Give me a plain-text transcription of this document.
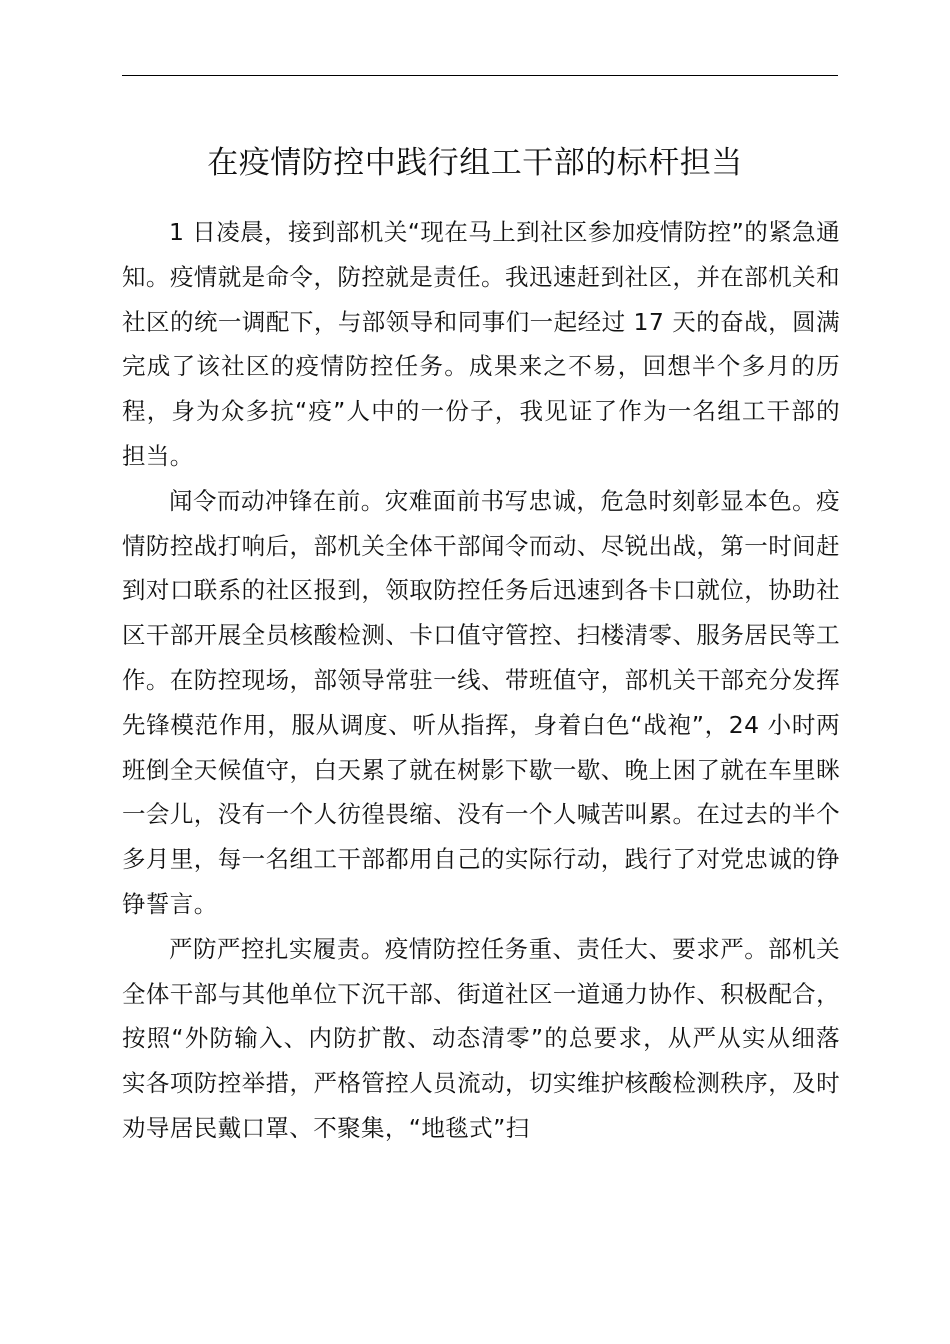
在疫情防控中践行组工干部的标杆担当

1 日凌晨，接到部机关“现在马上到社区参加疫情防控”的紧急通知。疫情就是命令，防控就是责任。我迅速赶到社区，并在部机关和社区的统一调配下，与部领导和同事们一起经过 17 天的奋战，圆满完成了该社区的疫情防控任务。成果来之不易，回想半个多月的历程，身为众多抗“疫”人中的一份子，我见证了作为一名组工干部的担当。

闻令而动冲锋在前。灾难面前书写忠诚，危急时刻彰显本色。疫情防控战打响后，部机关全体干部闻令而动、尽锐出战，第一时间赶到对口联系的社区报到，领取防控任务后迅速到各卡口就位，协助社区干部开展全员核酸检测、卡口值守管控、扫楼清零、服务居民等工作。在防控现场，部领导常驻一线、带班值守，部机关干部充分发挥先锋模范作用，服从调度、听从指挥，身着白色“战袍”，24 小时两班倒全天候值守，白天累了就在树影下歇一歇、晚上困了就在车里眯一会儿，没有一个人彷徨畏缩、没有一个人喊苦叫累。在过去的半个多月里，每一名组工干部都用自己的实际行动，践行了对党忠诚的铮铮誓言。

严防严控扎实履责。疫情防控任务重、责任大、要求严。部机关全体干部与其他单位下沉干部、街道社区一道通力协作、积极配合，按照“外防输入、内防扩散、动态清零”的总要求，从严从实从细落实各项防控举措，严格管控人员流动，切实维护核酸检测秩序，及时劝导居民戴口罩、不聚集，“地毯式”扫
